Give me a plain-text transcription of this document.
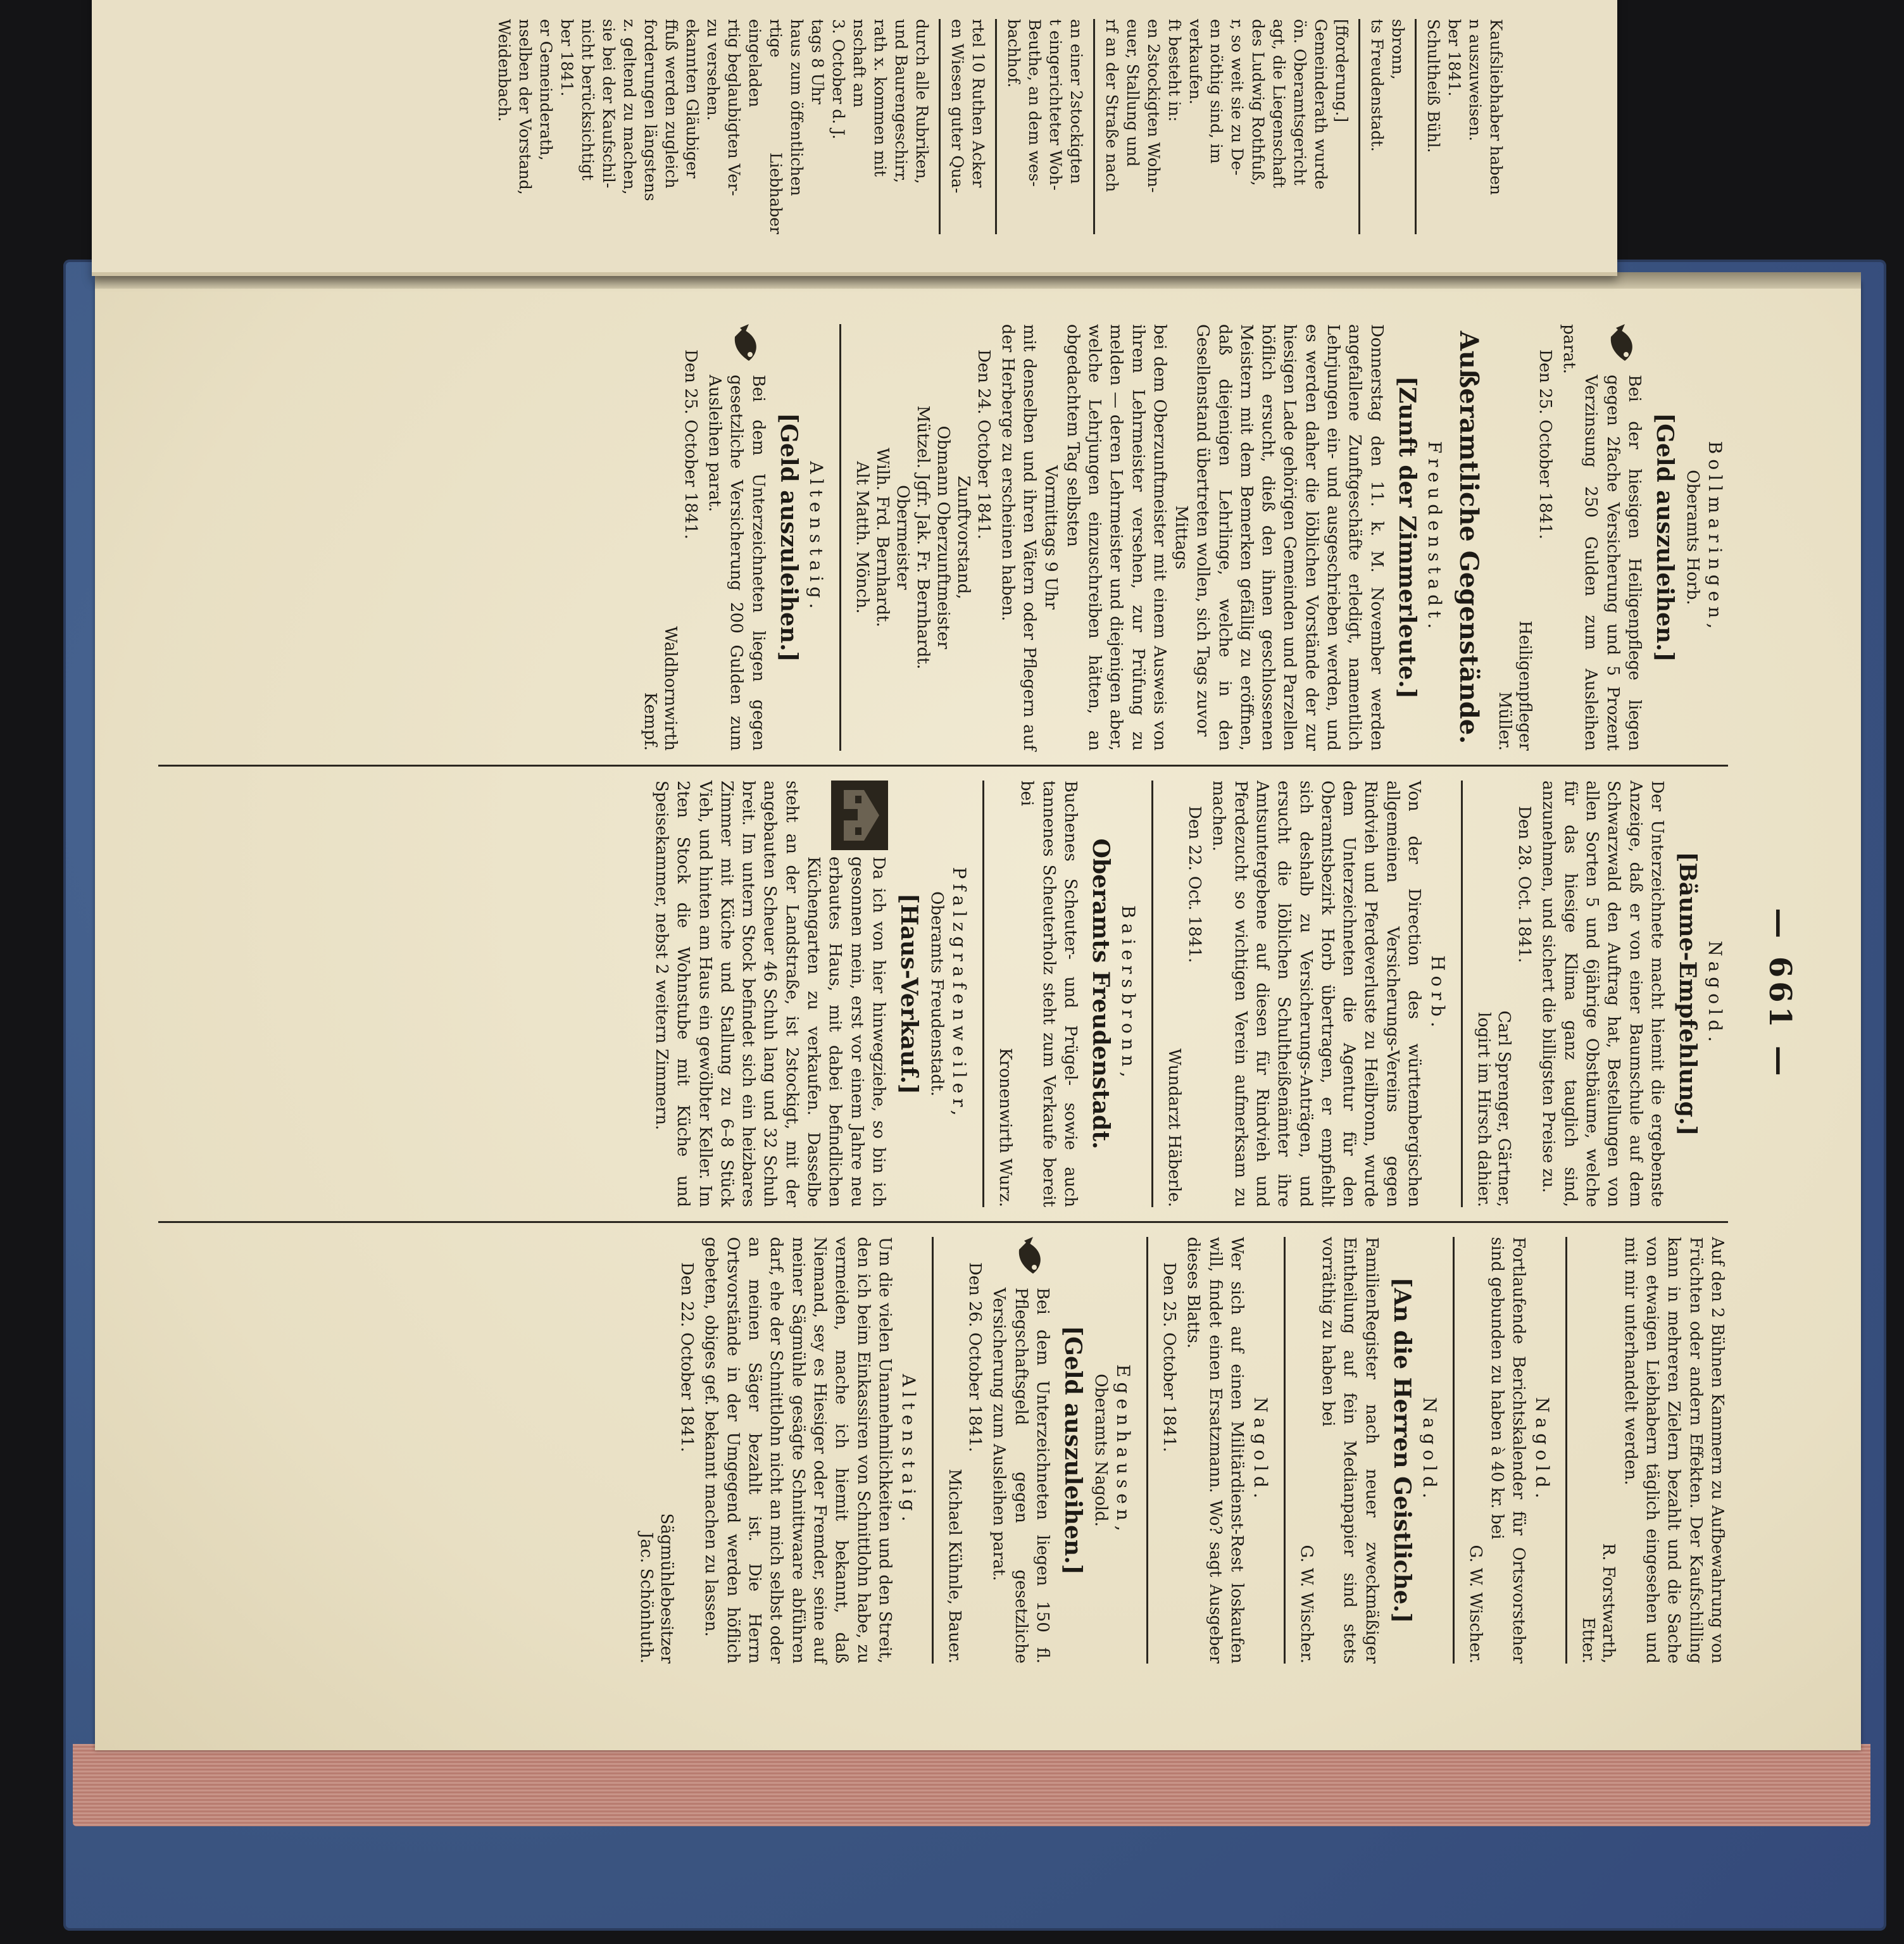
Kaufsliebhaber haben

n auszuweisen.

ber 1841.

Schultheiß Bühl.

sbronn,

ts Freudenstadt.

[fforderung.]

Gemeinderath wurde

ön. Oberamtsgericht

agt, die Liegenschaft

des Ludwig Rothfuß,

r, so weit sie zu De-

en nöthig sind, im

verkaufen.

ft besteht in:

en 2stockigten Wohn-

euer, Stallung und

rf an der Straße nach

an einer 2stockigten

t eingerichteter Woh-

Beuthe, an dem wes-

bachhof.

rtel 10 Ruthen Acker

en Wiesen guter Qua-

durch alle Rubriken,

und Baurengeschirr,

rath x. kommen mit

nschaft am

3. October d. J.

tags 8 Uhr

haus zum öffentlichen

rtige Liebhaber eingeladen

rtig beglaubigten Ver-

zu versehen.

ekannten Gläubiger

ffuß werden zugleich

forderungen längstens

z. geltend zu machen,

sie bei der Kaufschil-

nicht berücksichtigt

ber 1841.

er Gemeinderath,

nselben der Vorstand,

Weidenbach.

— 661 —
Bollmaringen,
Oberamts Horb.
[Geld auszuleihen.]

Bei der hiesigen Heiligenpflege liegen gegen 2fache Versicherung und 5 Prozent Verzinsung 250 Gulden zum Ausleihen parat.

Den 25. October 1841.
Heiligenpfleger
Müller.
Außeramtliche Gegenstände.
Freudenstadt.
[Zunft der Zimmerleute.]

Donnerstag den 11. k. M. November werden angefallene Zunftgeschäfte erledigt, namentlich Lehrjungen ein- und ausgeschrieben werden, und es werden daher die löblichen Vorstände der zur hiesigen Lade gehörigen Gemeinden und Parzellen höflich ersucht, dieß den ihnen geschlossenen Meistern mit dem Bemerken gefällig zu eröffnen, daß diejenigen Lehrlinge, welche in den Gesellenstand übertreten wollen, sich Tags zuvor

Mittags

bei dem Oberzunftmeister mit einem Ausweis von ihrem Lehrmeister versehen, zur Prüfung zu melden — deren Lehrmeister und diejenigen aber, welche Lehrjungen einzuschreiben hätten, an obgedachtem Tag selbsten

Vormittags 9 Uhr

mit denselben und ihren Vätern oder Pflegern auf der Herberge zu erscheinen haben.

Den 24. October 1841.
Zunftvorstand,
Obmann Oberzunftmeister
Mützel. Jgfr. Jak. Fr. Bernhardt.
Obermeister
Wilh. Frd. Bernhardt.
Alt Matth. Mönch.
Altenstaig.
[Geld auszuleihen.]

Bei dem Unterzeichneten liegen gegen gesetzliche Versicherung 200 Gulden zum Ausleihen parat.

Den 25. October 1841.
Waldhornwirth
Kempf.
Nagold.
[Bäume-Empfehlung.]

Der Unterzeichnete macht hiemit die ergebenste Anzeige, daß er von einer Baumschule auf dem Schwarzwald den Auftrag hat, Bestellungen von allen Sorten 5 und 6jährige Obstbäume, welche für das hiesige Klima ganz tauglich sind, anzunehmen, und sichert die billigsten Preise zu.

Den 28. Oct. 1841.
Carl Sprenger, Gärtner,
logirt im Hirsch dahier.
Horb.

Von der Direction des württembergischen allgemeinen Versicherungs-Vereins gegen Rindvieh und Pferdeverluste zu Heilbronn, wurde dem Unterzeichneten die Agentur für den Oberamtsbezirk Horb übertragen, er empfiehlt sich deshalb zu Versicherungs-Anträgen, und ersucht die löblichen Schultheißenämter ihre Amtsuntergebene auf diesen für Rindvieh und Pferdezucht so wichtigen Verein aufmerksam zu machen.

Den 22. Oct. 1841.
Wundarzt Häberle.
Baiersbronn,
Oberamts Freudenstadt.

Buchenes Scheuter- und Prügel- sowie auch tannenes Scheuterholz steht zum Verkaufe bereit bei

Kronenwirth Wurz.
Pfalzgrafenweiler,
Oberamts Freudenstadt.
[Haus-Verkauf.]

Da ich von hier hinwegziehe, so bin ich gesonnen mein, erst vor einem Jahre neu erbautes Haus, mit dabei befindlichen Küchengarten zu verkaufen. Dasselbe steht an der Landstraße, ist 2stockigt, mit der angebauten Scheuer 46 Schuh lang und 32 Schuh breit. Im untern Stock befindet sich ein heizbares Zimmer mit Küche und Stallung zu 6–8 Stück Vieh, und hinten am Haus ein gewölbter Keller. Im 2ten Stock die Wohnstube mit Küche und Speisekammer, nebst 2 weitern Zimmern.

Auf den 2 Bühnen Kammern zu Aufbewahrung von Früchten oder andern Effekten. Der Kaufschilling kann in mehreren Zielern bezahlt und die Sache von etwaigen Liebhabern täglich eingesehen und mit mir unterhandelt werden.

R. Forstwarth,
Etter.
Nagold.

Fortlaufende Berichtskalender für Ortsvorsteher sind gebunden zu haben à 40 kr. bei

G. W. Wischer.
Nagold.
[An die Herren Geistliche.]

FamilienRegister nach neuer zweckmäßiger Eintheilung auf fein Medianpapier sind stets vorräthig zu haben bei

G. W. Wischer.
Nagold.

Wer sich auf einen Militärdienst-Rest loskaufen will, findet einen Ersatzmann. Wo? sagt Ausgeber dieses Blatts.

Den 25. October 1841.
Egenhausen,
Oberamts Nagold.
[Geld auszuleihen.]

Bei dem Unterzeichneten liegen 150 fl. Pflegschaftsgeld gegen gesetzliche Versicherung zum Ausleihen parat.

Den 26. October 1841.
Michael Kühnle, Bauer.
Altenstaig.

Um die vielen Unannehmlichkeiten und den Streit, den ich beim Einkassiren von Schnittlohn habe, zu vermeiden, mache ich hiemit bekannt, daß Niemand, sey es Hiesiger oder Fremder, seine auf meiner Sägmühle gesägte Schnittwaare abführen darf, ehe der Schnittlohn nicht an mich selbst oder an meinen Säger bezahlt ist. Die Herrn Ortsvorstände in der Umgegend werden höflich gebeten, obiges gef. bekannt machen zu lassen.

Den 22. October 1841.
Sägmühlebesitzer
Jac. Schönhuth.
